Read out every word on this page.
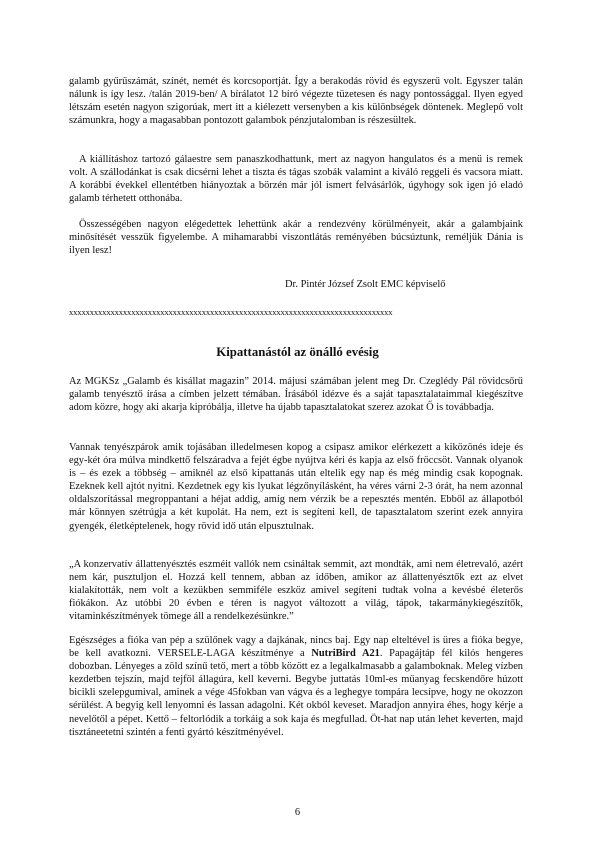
galamb gyűrűszámát, színét, nemét és korcsoportját. Így a berakodás rövid és egyszerű volt. Egyszer talán nálunk is így lesz. /talán 2019-ben/ A bírálatot 12 bíró végezte tüzetesen és nagy pontossággal. Ilyen egyed létszám esetén nagyon szigorúak, mert itt a kiélezett versenyben a kis különbségek döntenek. Meglepő volt számunkra, hogy a magasabban pontozott galambok pénzjutalomban is részesültek.

A kiállításhoz tartozó gálaestre sem panaszkodhattunk, mert az nagyon hangulatos és a menü is remek volt. A szállodánkat is csak dicsérni lehet a tiszta és tágas szobák valamint a kiváló reggeli és vacsora miatt. A korábbi évekkel ellentétben hiányoztak a börzén már jól ismert felvásárlók, úgyhogy sok igen jó eladó galamb térhetett otthonába.

Összességében nagyon elégedettek lehettünk akár a rendezvény körülményeit, akár a galambjaink minősítését vesszük figyelembe. A mihamarabbi viszontlátás reményében búcsúztunk, reméljük Dánia is ilyen lesz!

Dr. Pintér József Zsolt EMC képviselő

xxxxxxxxxxxxxxxxxxxxxxxxxxxxxxxxxxxxxxxxxxxxxxxxxxxxxxxxxxxxxxxxxxxxxxxxxxxxxx
Kipattanástól az önálló evésig

Az MGKSz „Galamb és kisállat magazin” 2014. májusi számában jelent meg Dr. Czeglédy Pál rövidcsőrű galamb tenyésztő írása a címben jelzett témában. Írásából idézve és a saját tapasztalataimmal kiegészítve adom közre, hogy aki akarja kipróbálja, illetve ha újabb tapasztalatokat szerez azokat Ő is továbbadja.

Vannak tenyészpárok amik tojásában illedelmesen kopog a csipasz amikor elérkezett a kiközönés ideje és egy-két óra múlva mindkettő felszáradva a fejét égbe nyújtva kéri és kapja az első fröccsöt. Vannak olyanok is – és ezek a többség – amiknél az első kipattanás után eltelik egy nap és még mindig csak kopognak. Ezeknek kell ajtót nyitni. Kezdetnek egy kis lyukat légzőnyílásként, ha véres várni 2-3 órát, ha nem azonnal oldalszorítással megroppantani a héjat addig, amíg nem vérzik be a repesztés mentén. Ebből az állapotból már könnyen szétrúgja a két kupolát. Ha nem, ezt is segíteni kell, de tapasztalatom szerint ezek annyira gyengék, életképtelenek, hogy rövid idő után elpusztulnak.

„A konzervatív állattenyésztés eszméit vallók nem csináltak semmit, azt mondták, ami nem életrevaló, azért nem kár, pusztuljon el. Hozzá kell tennem, abban az időben, amikor az állattenyésztők ezt az elvet kialakították, nem volt a kezükben semmiféle eszköz amivel segíteni tudtak volna a kevésbé életerős fiókákon. Az utóbbi 20 évben e téren is nagyot változott a világ, tápok, takarmánykiegészítők, vitaminkészítmények tömege áll a rendelkezésünkre.”

Egészséges a fióka van pép a szülőnek vagy a dajkának, nincs baj. Egy nap elteltével is üres a fióka begye, be kell avatkozni. VERSELE-LAGA készítménye a NutriBird A21. Papagájtáp fél kilós hengeres dobozban. Lényeges a zöld színű tető, mert a több között ez a legalkalmasabb a galamboknak. Meleg vízben kezdetben tejszín, majd tejföl állagúra, kell keverni. Begybe juttatás 10ml-es műanyag fecskendőre húzott bicikli szelepgumival, aminek a vége 45fokban van vágva és a leghegye tompára lecsípve, hogy ne okozzon sérülést. A begyig kell lenyomni és lassan adagolni. Két okból keveset. Maradjon annyira éhes, hogy kérje a nevelőtől a pépet. Kettő – feltorlódik a torkáig a sok kaja és megfullad. Öt-hat nap után lehet keverten, majd tisztáneetetni szintén a fenti gyártó készítményével.

6
